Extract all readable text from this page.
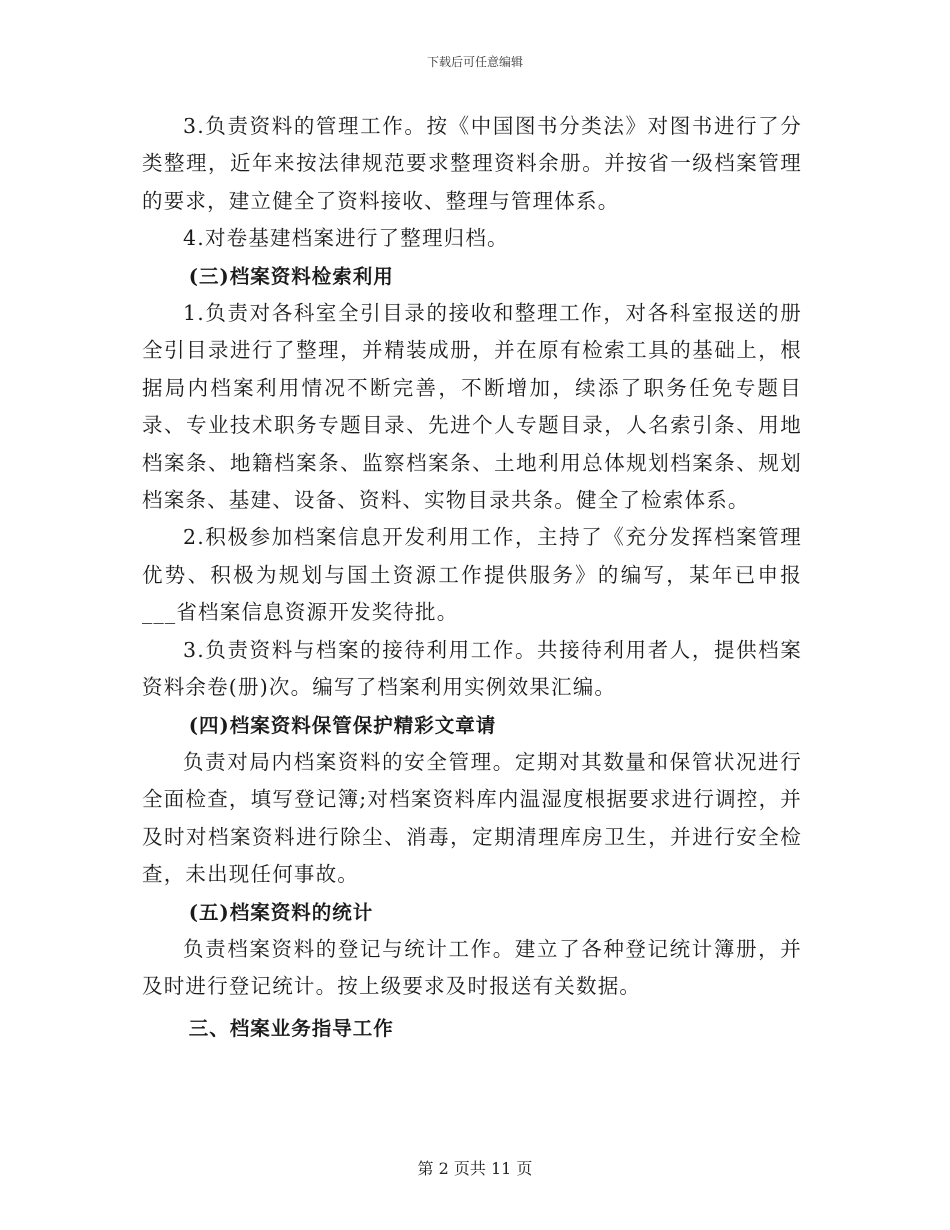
下载后可任意编辑

3.负责资料的管理工作。按《中国图书分类法》对图书进行了分类整理，近年来按法律规范要求整理资料余册。并按省一级档案管理的要求，建立健全了资料接收、整理与管理体系。

4.对卷基建档案进行了整理归档。

(三)档案资料检索利用

1.负责对各科室全引目录的接收和整理工作，对各科室报送的册全引目录进行了整理，并精装成册，并在原有检索工具的基础上，根据局内档案利用情况不断完善，不断增加，续添了职务任免专题目录、专业技术职务专题目录、先进个人专题目录，人名索引条、用地档案条、地籍档案条、监察档案条、土地利用总体规划档案条、规划档案条、基建、设备、资料、实物目录共条。健全了检索体系。

2.积极参加档案信息开发利用工作，主持了《充分发挥档案管理优势、积极为规划与国土资源工作提供服务》的编写，某年已申报___省档案信息资源开发奖待批。

3.负责资料与档案的接待利用工作。共接待利用者人，提供档案资料余卷(册)次。编写了档案利用实例效果汇编。

(四)档案资料保管保护精彩文章请

负责对局内档案资料的安全管理。定期对其数量和保管状况进行全面检查，填写登记簿;对档案资料库内温湿度根据要求进行调控，并及时对档案资料进行除尘、消毒，定期清理库房卫生，并进行安全检查，未出现任何事故。

(五)档案资料的统计

负责档案资料的登记与统计工作。建立了各种登记统计簿册，并及时进行登记统计。按上级要求及时报送有关数据。

三、档案业务指导工作

第 2 页共 11 页
